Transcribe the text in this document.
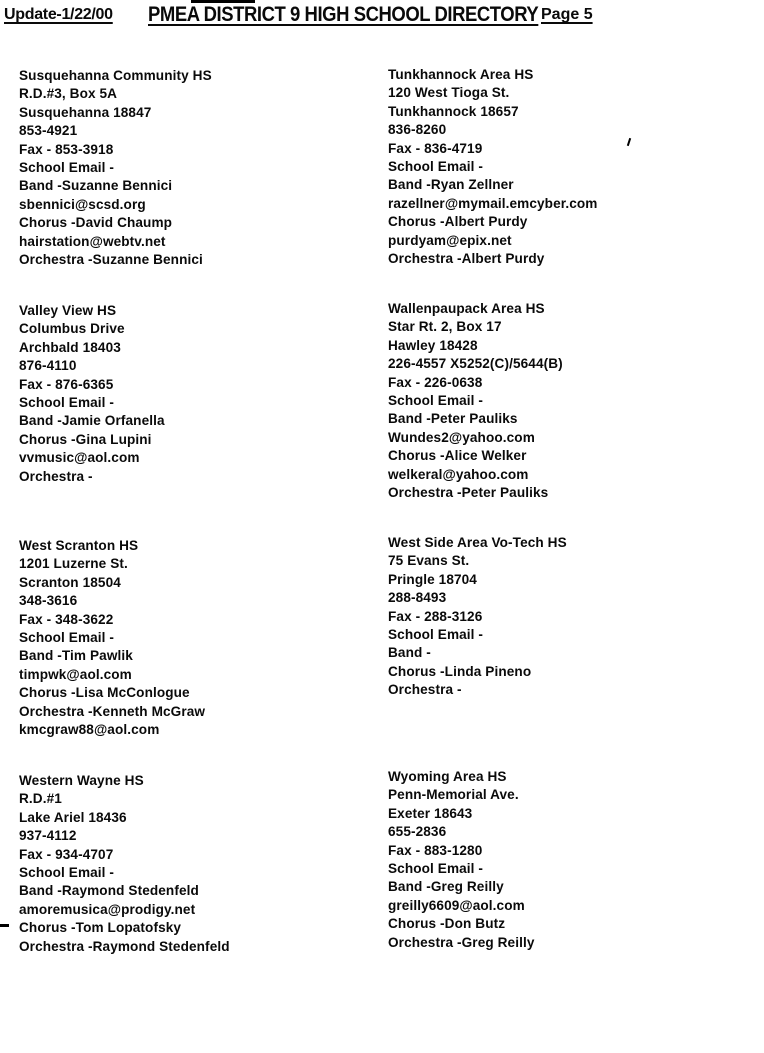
Update-1/22/00 PMEA DISTRICT 9 HIGH SCHOOL DIRECTORY Page 5
Susquehanna Community HS
R.D.#3, Box 5A
Susquehanna 18847
853-4921
Fax - 853-3918
School Email -
Band -Suzanne Bennici
sbennici@scsd.org
Chorus -David Chaump
hairstation@webtv.net
Orchestra -Suzanne Bennici
Valley View HS
Columbus Drive
Archbald 18403
876-4110
Fax - 876-6365
School Email -
Band -Jamie Orfanella
Chorus -Gina Lupini
vvmusic@aol.com
Orchestra -
West Scranton HS
1201 Luzerne St.
Scranton 18504
348-3616
Fax - 348-3622
School Email -
Band -Tim Pawlik
timpwk@aol.com
Chorus -Lisa McConlogue
Orchestra -Kenneth McGraw
kmcgraw88@aol.com
Western Wayne HS
R.D.#1
Lake Ariel 18436
937-4112
Fax - 934-4707
School Email -
Band -Raymond Stedenfeld
amoremusica@prodigy.net
Chorus -Tom Lopatofsky
Orchestra -Raymond Stedenfeld
Tunkhannock Area HS
120 West Tioga St.
Tunkhannock 18657
836-8260
Fax - 836-4719
School Email -
Band -Ryan Zellner
razellner@mymail.emcyber.com
Chorus -Albert Purdy
purdyam@epix.net
Orchestra -Albert Purdy
Wallenpaupack Area HS
Star Rt. 2, Box 17
Hawley 18428
226-4557 X5252(C)/5644(B)
Fax - 226-0638
School Email -
Band -Peter Pauliks
Wundes2@yahoo.com
Chorus -Alice Welker
welkeral@yahoo.com
Orchestra -Peter Pauliks
West Side Area Vo-Tech HS
75 Evans St.
Pringle 18704
288-8493
Fax - 288-3126
School Email -
Band -
Chorus -Linda Pineno
Orchestra -
Wyoming Area HS
Penn-Memorial Ave.
Exeter 18643
655-2836
Fax - 883-1280
School Email -
Band -Greg Reilly
greilly6609@aol.com
Chorus -Don Butz
Orchestra -Greg Reilly
